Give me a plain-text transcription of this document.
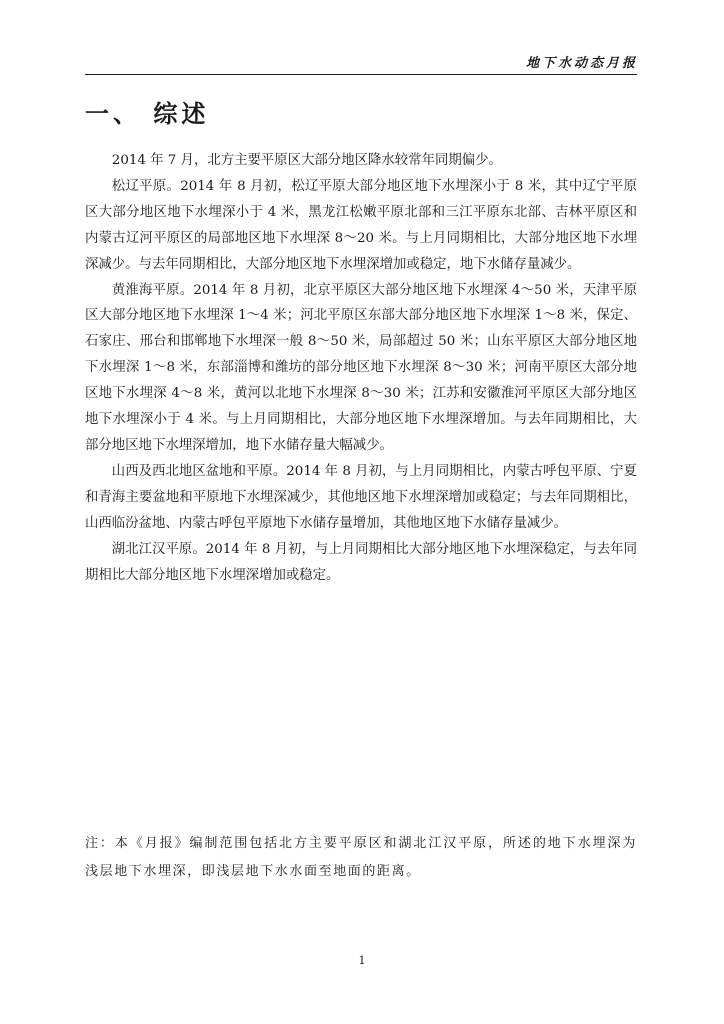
地下水动态月报
一、 综述

2014 年 7 月，北方主要平原区大部分地区降水较常年同期偏少。

松辽平原。2014 年 8 月初，松辽平原大部分地区地下水埋深小于 8 米，其中辽宁平原区大部分地区地下水埋深小于 4 米，黑龙江松嫩平原北部和三江平原东北部、吉林平原区和内蒙古辽河平原区的局部地区地下水埋深 8～20 米。与上月同期相比，大部分地区地下水埋深减少。与去年同期相比，大部分地区地下水埋深增加或稳定，地下水储存量减少。

黄淮海平原。2014 年 8 月初，北京平原区大部分地区地下水埋深 4～50 米，天津平原区大部分地区地下水埋深 1～4 米；河北平原区东部大部分地区地下水埋深 1～8 米，保定、石家庄、邢台和邯郸地下水埋深一般 8～50 米，局部超过 50 米；山东平原区大部分地区地下水埋深 1～8 米，东部淄博和潍坊的部分地区地下水埋深 8～30 米；河南平原区大部分地区地下水埋深 4～8 米，黄河以北地下水埋深 8～30 米；江苏和安徽淮河平原区大部分地区地下水埋深小于 4 米。与上月同期相比，大部分地区地下水埋深增加。与去年同期相比，大部分地区地下水埋深增加，地下水储存量大幅减少。

山西及西北地区盆地和平原。2014 年 8 月初，与上月同期相比，内蒙古呼包平原、宁夏和青海主要盆地和平原地下水埋深减少，其他地区地下水埋深增加或稳定；与去年同期相比，山西临汾盆地、内蒙古呼包平原地下水储存量增加，其他地区地下水储存量减少。

湖北江汉平原。2014 年 8 月初，与上月同期相比大部分地区地下水埋深稳定，与去年同期相比大部分地区地下水埋深增加或稳定。

注：本《月报》编制范围包括北方主要平原区和湖北江汉平原，所述的地下水埋深为浅层地下水埋深，即浅层地下水水面至地面的距离。

1
